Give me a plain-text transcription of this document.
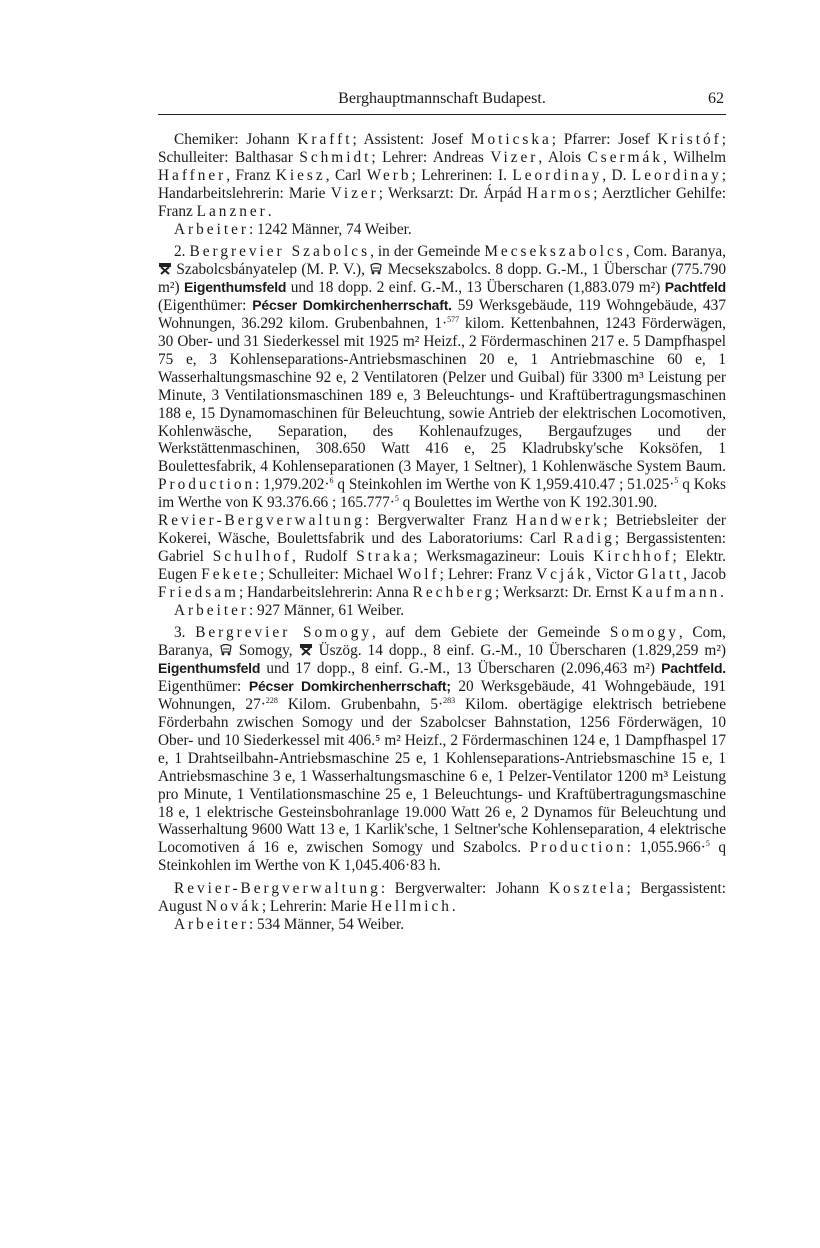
Berghauptmannschaft Budapest.	62

Chemiker: Johann Krafft; Assistent: Josef Moticska; Pfarrer: Josef Kristóf; Schulleiter: Balthasar Schmidt; Lehrer: Andreas Vizer, Alois Csermák, Wilhelm Haffner, Franz Kiesz, Carl Werb; Lehrerinen: I. Leordinay, D. Leordinay; Handarbeitslehrerin: Marie Vizer; Werksarzt: Dr. Árpád Harmos; Aerztlicher Gehilfe: Franz Lanzner.

Arbeiter: 1242 Männer, 74 Weiber.

2. Bergrevier Szabolcs, in der Gemeinde Mecsekszabolcs, Com. Baranya,
Szabolcsbányatelep (M. P. V.),
Mecsekszabolcs. 8 dopp. G.-M., 1 Überschar (775.790 m²) Eigenthumsfeld und 18 dopp. 2 einf. G.-M., 13 Überscharen (1,883.079 m²) Pachtfeld (Eigenthümer: Pécser Domkirchenherrschaft. 59 Werksgebäude, 119 Wohngebäude, 437 Wohnungen, 36.292 kilom. Grubenbahnen, 1·$^{577}$ kilom. Kettenbahnen, 1243 Förderwägen, 30 Ober- und 31 Siederkessel mit 1925 m² Heizf., 2 Fördermaschinen 217 e. 5 Dampfhaspel 75 e, 3 Kohlenseparations-Antriebsmaschinen 20 e, 1 Antriebmaschine 60 e, 1 Wasserhaltungsmaschine 92 e, 2 Ventilatoren (Pelzer und Guibal) für 3300 m³ Leistung per Minute, 3 Ventilationsmaschinen 189 e, 3 Beleuchtungs- und Kraftübertragungsmaschinen 188 e, 15 Dynamomaschinen für Beleuchtung, sowie Antrieb der elektrischen Locomotiven, Kohlenwäsche, Separation, des Kohlenaufzuges, Bergaufzuges und der Werkstättenmaschinen, 308.650 Watt 416 e, 25 Kladrubsky'sche Koksöfen, 1 Boulettesfabrik, 4 Kohlenseparationen (3 Mayer, 1 Seltner), 1 Kohlenwäsche System Baum. Production: 1,979.202·$^6$ q Steinkohlen im Werthe von K 1,959.410.47 ; 51.025·$^5$ q Koks im Werthe von K 93.376.66 ; 165.777·$^5$ q Boulettes im Werthe von K 192.301.90.

Revier-Bergverwaltung: Bergverwalter Franz Handwerk; Betriebsleiter der Kokerei, Wäsche, Boulettsfabrik und des Laboratoriums: Carl Radig; Bergassistenten: Gabriel Schulhof, Rudolf Straka; Werksmagazineur: Louis Kirchhof; Elektr. Eugen Fekete; Schulleiter: Michael Wolf; Lehrer: Franz Vcják, Victor Glatt, Jacob Friedsam; Handarbeitslehrerin: Anna Rechberg; Werksarzt: Dr. Ernst Kaufmann.

Arbeiter: 927 Männer, 61 Weiber.

3. Bergrevier Somogy, auf dem Gebiete der Gemeinde Somogy, Com, Baranya,
Somogy,
Üszög. 14 dopp., 8 einf. G.-M., 10 Überscharen (1.829,259 m²) Eigenthumsfeld und 17 dopp., 8 einf. G.-M., 13 Überscharen (2.096,463 m²) Pachtfeld. Eigenthümer: Pécser Domkirchenherrschaft; 20 Werksgebäude, 41 Wohngebäude, 191 Wohnungen, 27·$^{228}$ Kilom. Grubenbahn, 5·$^{283}$ Kilom. obertägige elektrisch betriebene Förderbahn zwischen Somogy und der Szabolcser Bahnstation, 1256 Förderwägen, 10 Ober- und 10 Siederkessel mit 406.⁵ m² Heizf., 2 Fördermaschinen 124 e, 1 Dampfhaspel 17 e, 1 Drahtseilbahn-Antriebsmaschine 25 e, 1 Kohlenseparations-Antriebsmaschine 15 e, 1 Antriebsmaschine 3 e, 1 Wasserhaltungsmaschine 6 e, 1 Pelzer-Ventilator 1200 m³ Leistung pro Minute, 1 Ventilationsmaschine 25 e, 1 Beleuchtungs- und Kraftübertragungsmaschine 18 e, 1 elektrische Gesteinsbohranlage 19.000 Watt 26 e, 2 Dynamos für Beleuchtung und Wasserhaltung 9600 Watt 13 e, 1 Karlik'sche, 1 Seltner'sche Kohlenseparation, 4 elektrische Locomotiven á 16 e, zwischen Somogy und Szabolcs. Production: 1,055.966·$^5$ q Steinkohlen im Werthe von K 1,045.406·83 h.

Revier-Bergverwaltung: Bergverwalter: Johann Kosztela; Bergassistent: August Novák; Lehrerin: Marie Hellmich.

Arbeiter: 534 Männer, 54 Weiber.
